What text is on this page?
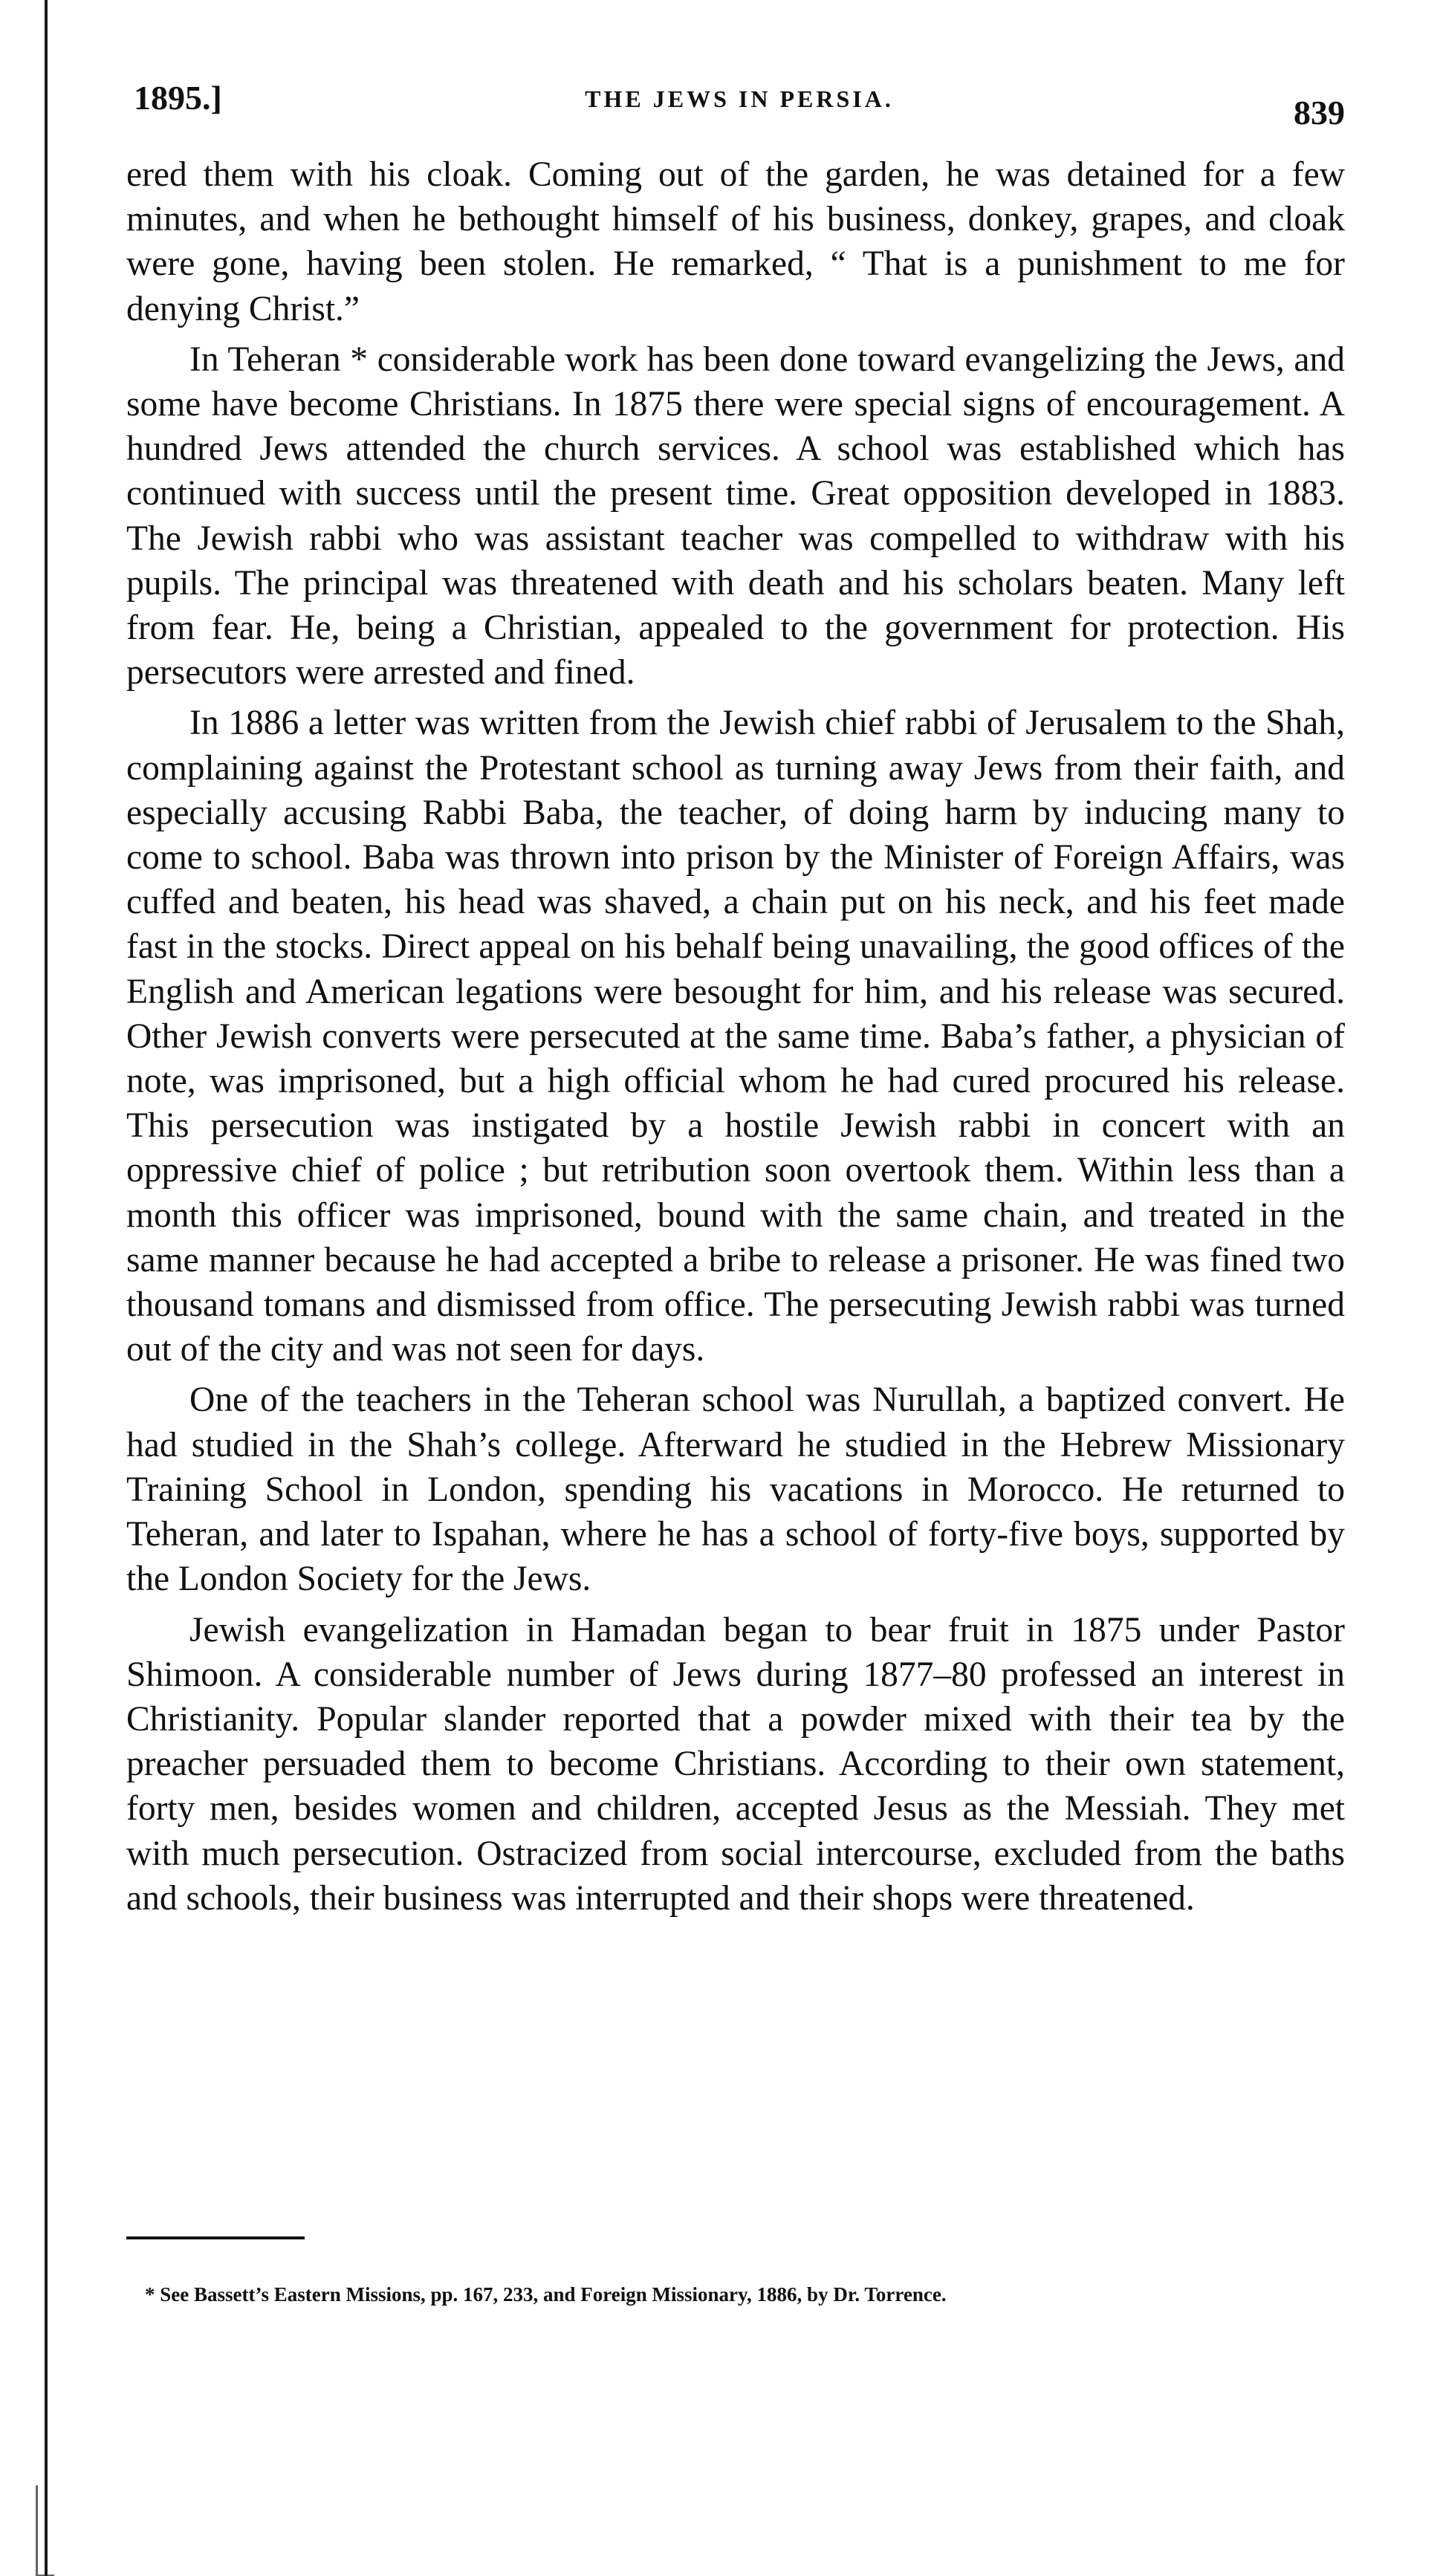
1895.]	THE JEWS IN PERSIA.	839

ered them with his cloak. Coming out of the garden, he was detained for a few minutes, and when he bethought himself of his business, donkey, grapes, and cloak were gone, having been stolen. He remarked, “ That is a punishment to me for denying Christ.”

In Teheran * considerable work has been done toward evangelizing the Jews, and some have become Christians. In 1875 there were special signs of encouragement. A hundred Jews attended the church services. A school was established which has continued with success until the present time. Great opposition developed in 1883. The Jewish rabbi who was assistant teacher was compelled to withdraw with his pupils. The principal was threatened with death and his scholars beaten. Many left from fear. He, being a Christian, appealed to the government for protection. His persecutors were arrested and fined.

In 1886 a letter was written from the Jewish chief rabbi of Jerusalem to the Shah, complaining against the Protestant school as turning away Jews from their faith, and especially accusing Rabbi Baba, the teacher, of doing harm by inducing many to come to school. Baba was thrown into prison by the Minister of Foreign Affairs, was cuffed and beaten, his head was shaved, a chain put on his neck, and his feet made fast in the stocks. Direct appeal on his behalf being unavailing, the good offices of the English and American legations were besought for him, and his release was secured. Other Jewish converts were persecuted at the same time. Baba’s father, a physician of note, was imprisoned, but a high official whom he had cured procured his release. This persecution was instigated by a hostile Jewish rabbi in concert with an oppressive chief of police ; but retribution soon overtook them. Within less than a month this officer was imprisoned, bound with the same chain, and treated in the same manner because he had accepted a bribe to release a prisoner. He was fined two thousand tomans and dismissed from office. The persecuting Jewish rabbi was turned out of the city and was not seen for days.

One of the teachers in the Teheran school was Nurullah, a baptized convert. He had studied in the Shah’s college. Afterward he studied in the Hebrew Missionary Training School in London, spending his vacations in Morocco. He returned to Teheran, and later to Ispahan, where he has a school of forty-five boys, supported by the London Society for the Jews.

Jewish evangelization in Hamadan began to bear fruit in 1875 under Pastor Shimoon. A considerable number of Jews during 1877–80 professed an interest in Christianity. Popular slander reported that a powder mixed with their tea by the preacher persuaded them to become Christians. According to their own statement, forty men, besides women and children, accepted Jesus as the Messiah. They met with much persecution. Ostracized from social intercourse, excluded from the baths and schools, their business was interrupted and their shops were threatened.

* See Bassett’s Eastern Missions, pp. 167, 233, and Foreign Missionary, 1886, by Dr. Torrence.
